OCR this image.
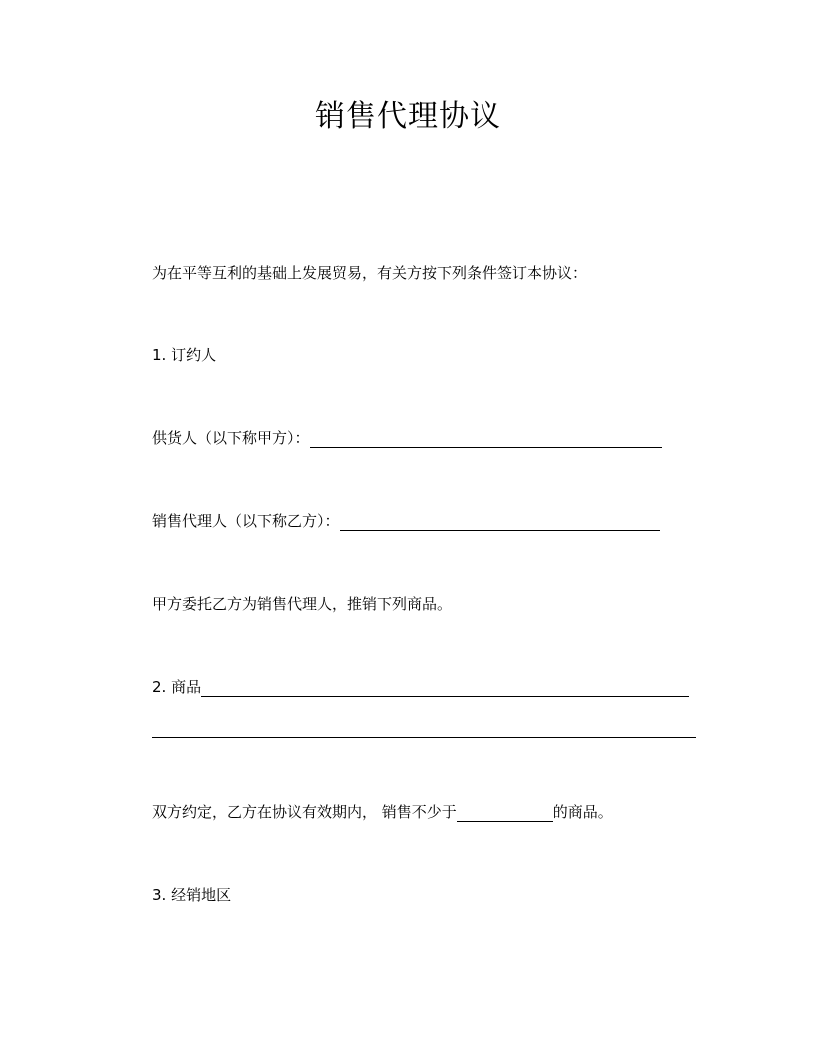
销售代理协议
为在平等互利的基础上发展贸易，有关方按下列条件签订本协议：
1. 订约人
供货人（以下称甲方）：
销售代理人（以下称乙方）：
甲方委托乙方为销售代理人，推销下列商品。
2. 商品
双方约定，乙方在协议有效期内， 销售不少于	的商品。
3. 经销地区
